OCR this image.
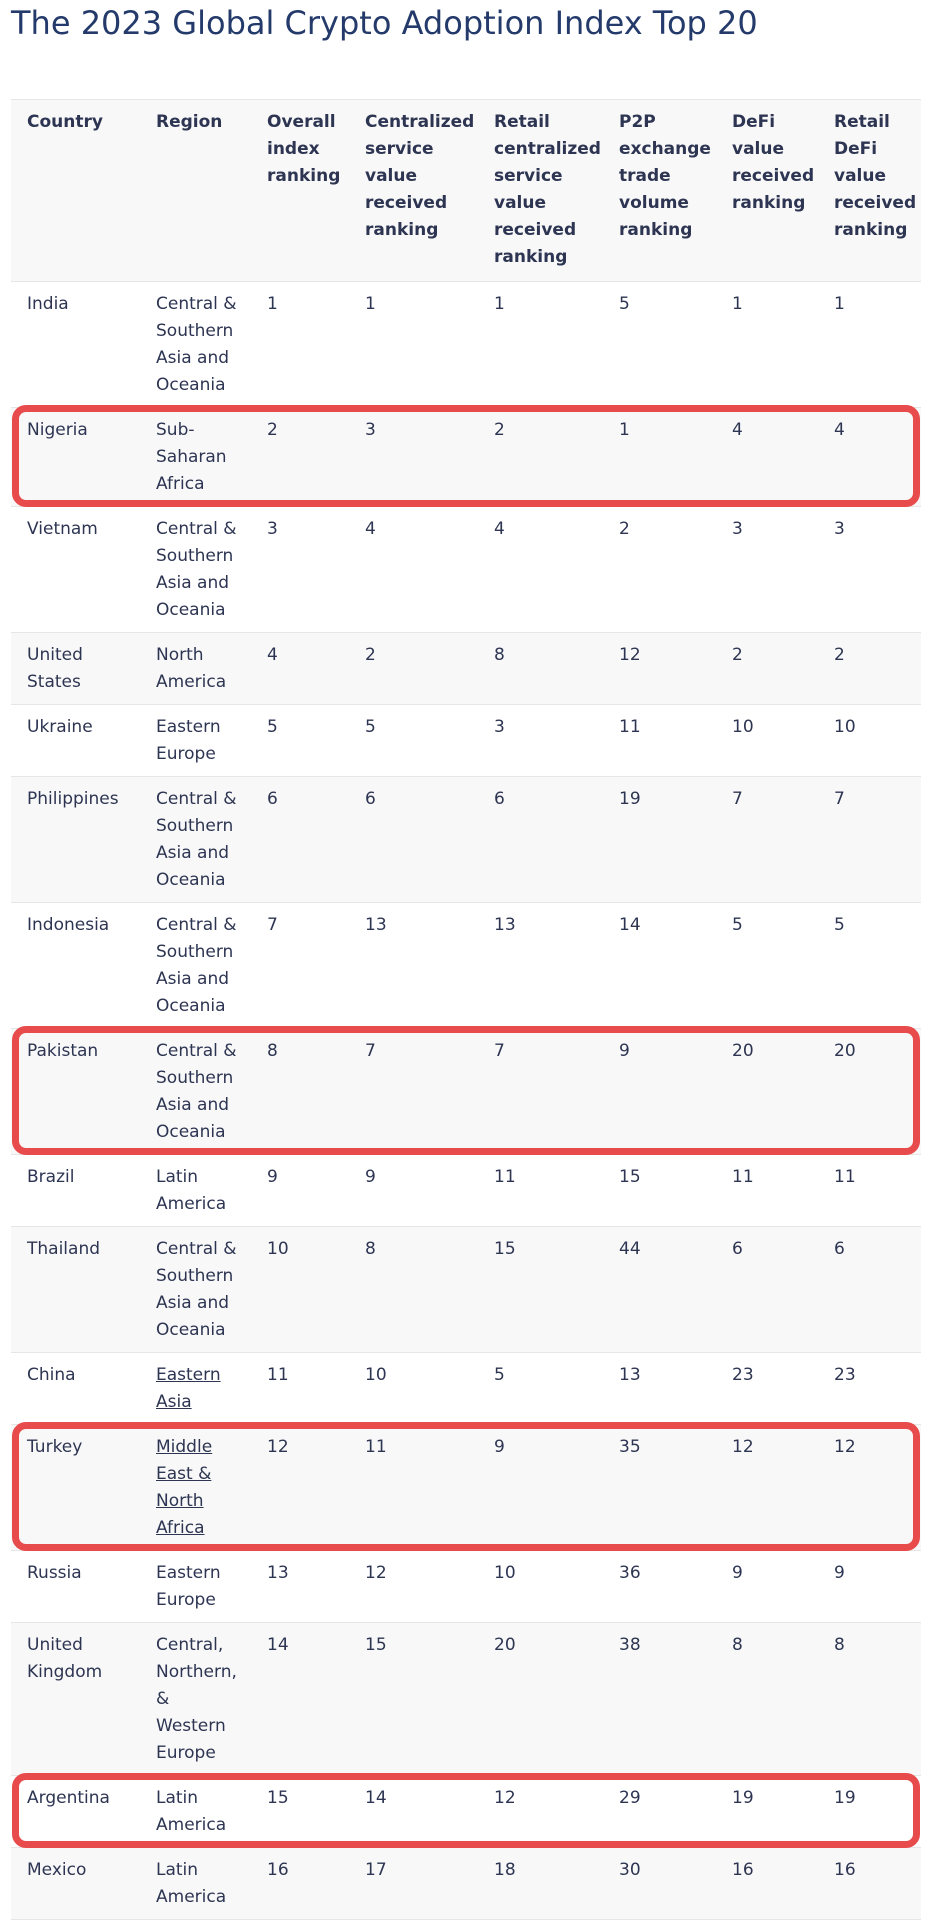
The 2023 Global Crypto Adoption Index Top 20
Country	Region	Overall index ranking	Centralized service value received ranking	Retail centralized service value received ranking	P2P exchange trade volume ranking	DeFi value received ranking	Retail DeFi value received ranking
India	Central & Southern Asia and Oceania	1	1	1	5	1	1
Nigeria	Sub-Saharan Africa	2	3	2	1	4	4
Vietnam	Central & Southern Asia and Oceania	3	4	4	2	3	3
United States	North America	4	2	8	12	2	2
Ukraine	Eastern Europe	5	5	3	11	10	10
Philippines	Central & Southern Asia and Oceania	6	6	6	19	7	7
Indonesia	Central & Southern Asia and Oceania	7	13	13	14	5	5
Pakistan	Central & Southern Asia and Oceania	8	7	7	9	20	20
Brazil	Latin America	9	9	11	15	11	11
Thailand	Central & Southern Asia and Oceania	10	8	15	44	6	6
China	Eastern Asia	11	10	5	13	23	23
Turkey	Middle East & North Africa	12	11	9	35	12	12
Russia	Eastern Europe	13	12	10	36	9	9
United Kingdom	Central, Northern, & Western Europe	14	15	20	38	8	8
Argentina	Latin America	15	14	12	29	19	19
Mexico	Latin America	16	17	18	30	16	16
